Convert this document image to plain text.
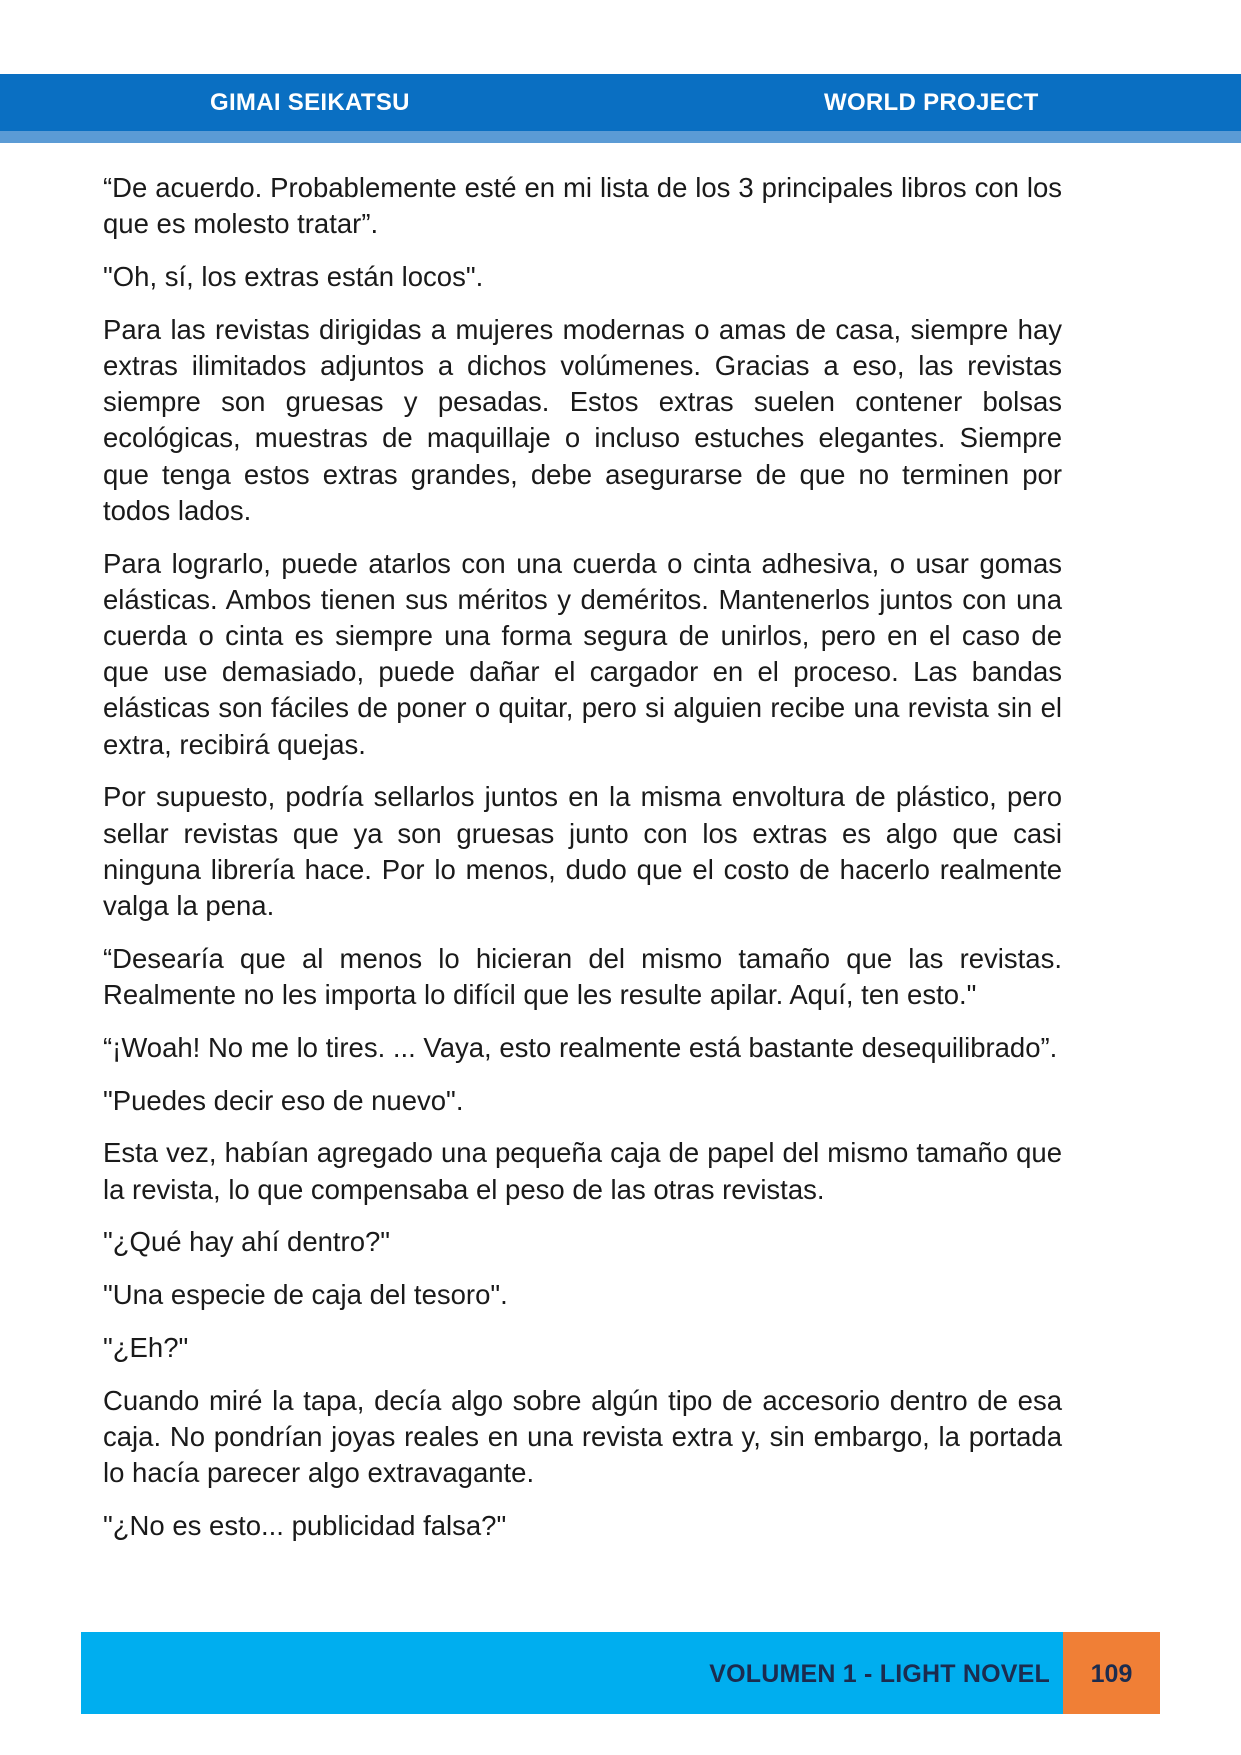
GIMAI SEIKATSU	WORLD PROJECT

“De acuerdo. Probablemente esté en mi lista de los 3 principales libros con los que es molesto tratar”.

"Oh, sí, los extras están locos".

Para las revistas dirigidas a mujeres modernas o amas de casa, siempre hay extras ilimitados adjuntos a dichos volúmenes. Gracias a eso, las revistas siempre son gruesas y pesadas. Estos extras suelen contener bolsas ecológicas, muestras de maquillaje o incluso estuches elegantes. Siempre que tenga estos extras grandes, debe asegurarse de que no terminen por todos lados.

Para lograrlo, puede atarlos con una cuerda o cinta adhesiva, o usar gomas elásticas. Ambos tienen sus méritos y deméritos. Mantenerlos juntos con una cuerda o cinta es siempre una forma segura de unirlos, pero en el caso de que use demasiado, puede dañar el cargador en el proceso. Las bandas elásticas son fáciles de poner o quitar, pero si alguien recibe una revista sin el extra, recibirá quejas.

Por supuesto, podría sellarlos juntos en la misma envoltura de plástico, pero sellar revistas que ya son gruesas junto con los extras es algo que casi ninguna librería hace. Por lo menos, dudo que el costo de hacerlo realmente valga la pena.

“Desearía que al menos lo hicieran del mismo tamaño que las revistas. Realmente no les importa lo difícil que les resulte apilar. Aquí, ten esto."

“¡Woah! No me lo tires. ... Vaya, esto realmente está bastante desequilibrado”.

"Puedes decir eso de nuevo".

Esta vez, habían agregado una pequeña caja de papel del mismo tamaño que la revista, lo que compensaba el peso de las otras revistas.

"¿Qué hay ahí dentro?"

"Una especie de caja del tesoro".

"¿Eh?"

Cuando miré la tapa, decía algo sobre algún tipo de accesorio dentro de esa caja. No pondrían joyas reales en una revista extra y, sin embargo, la portada lo hacía parecer algo extravagante.

"¿No es esto... publicidad falsa?"

VOLUMEN 1 - LIGHT NOVEL	109
